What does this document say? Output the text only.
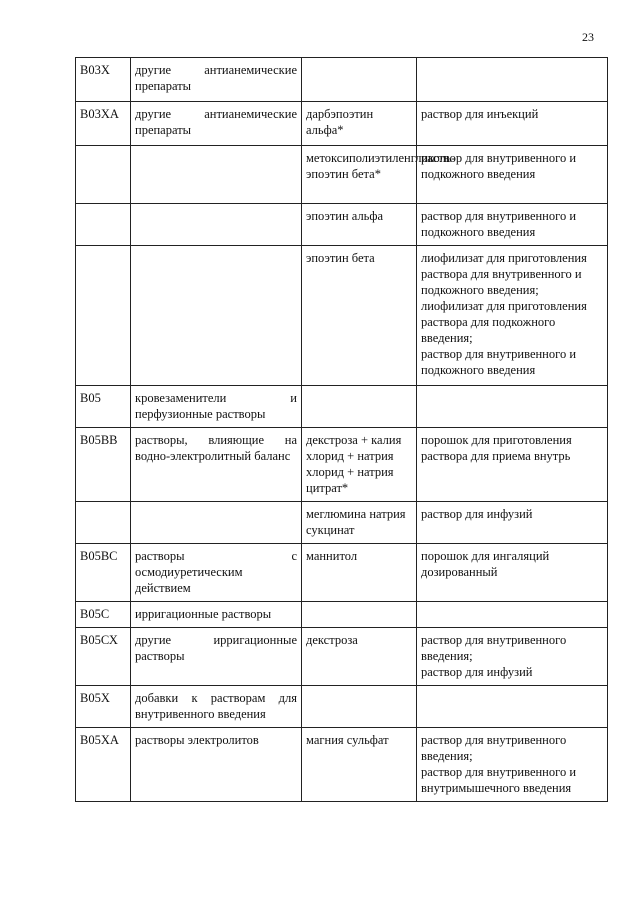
23
В03Х	другие антианемические препараты		
В03ХА	другие антианемические препараты	дарбэпоэтин альфа*	раствор для инъекций
		метоксиполиэтиленгликоль-эпоэтин бета*	раствор для внутривенного и подкожного введения
		эпоэтин альфа	раствор для внутривенного и подкожного введения
		эпоэтин бета	лиофилизат для приготовления раствора для внутривенного и подкожного введения;
лиофилизат для приготовления раствора для подкожного введения;
раствор для внутривенного и подкожного введения
В05	кровезаменители и перфузионные растворы		
В05ВВ	растворы, влияющие на водно-электролитный баланс	декстроза + калия хлорид + натрия хлорид + натрия цитрат*	порошок для приготовления раствора для приема внутрь
		меглюмина натрия сукцинат	раствор для инфузий
В05ВС	растворы с осмодиуретическим действием	маннитол	порошок для ингаляций дозированный
В05С	ирригационные растворы		
В05СХ	другие ирригационные растворы	декстроза	раствор для внутривенного введения;
раствор для инфузий
В05Х	добавки к растворам для внутривенного введения		
В05ХА	растворы электролитов	магния сульфат	раствор для внутривенного введения;
раствор для внутривенного и внутримышечного введения
